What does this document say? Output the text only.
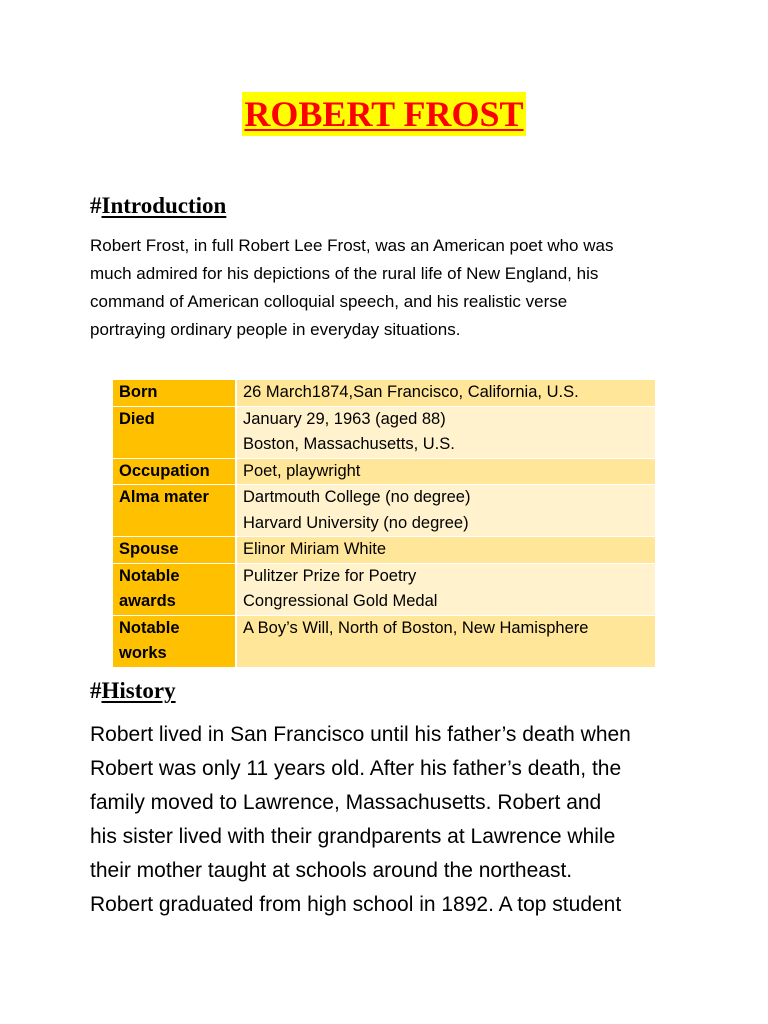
ROBERT FROST
#Introduction
Robert Frost, in full Robert Lee Frost, was an American poet who was
much admired for his depictions of the rural life of New England, his
command of American colloquial speech, and his realistic verse
portraying ordinary people in everyday situations.
Born	26 March1874,San Francisco, California, U.S.

Died	January 29, 1963 (aged 88)
Boston, Massachusetts, U.S.

Occupation	Poet, playwright

Alma mater	Dartmouth College (no degree)
Harvard University (no degree)

Spouse	Elinor Miriam White

Notable
awards	Pulitzer Prize for Poetry
Congressional Gold Medal

Notable
works	A Boy’s Will, North of Boston, New Hamisphere
#History
Robert lived in San Francisco until his father’s death when
Robert was only 11 years old. After his father’s death, the
family moved to Lawrence, Massachusetts. Robert and
his sister lived with their grandparents at Lawrence while
their mother taught at schools around the northeast.
Robert graduated from high school in 1892. A top student
